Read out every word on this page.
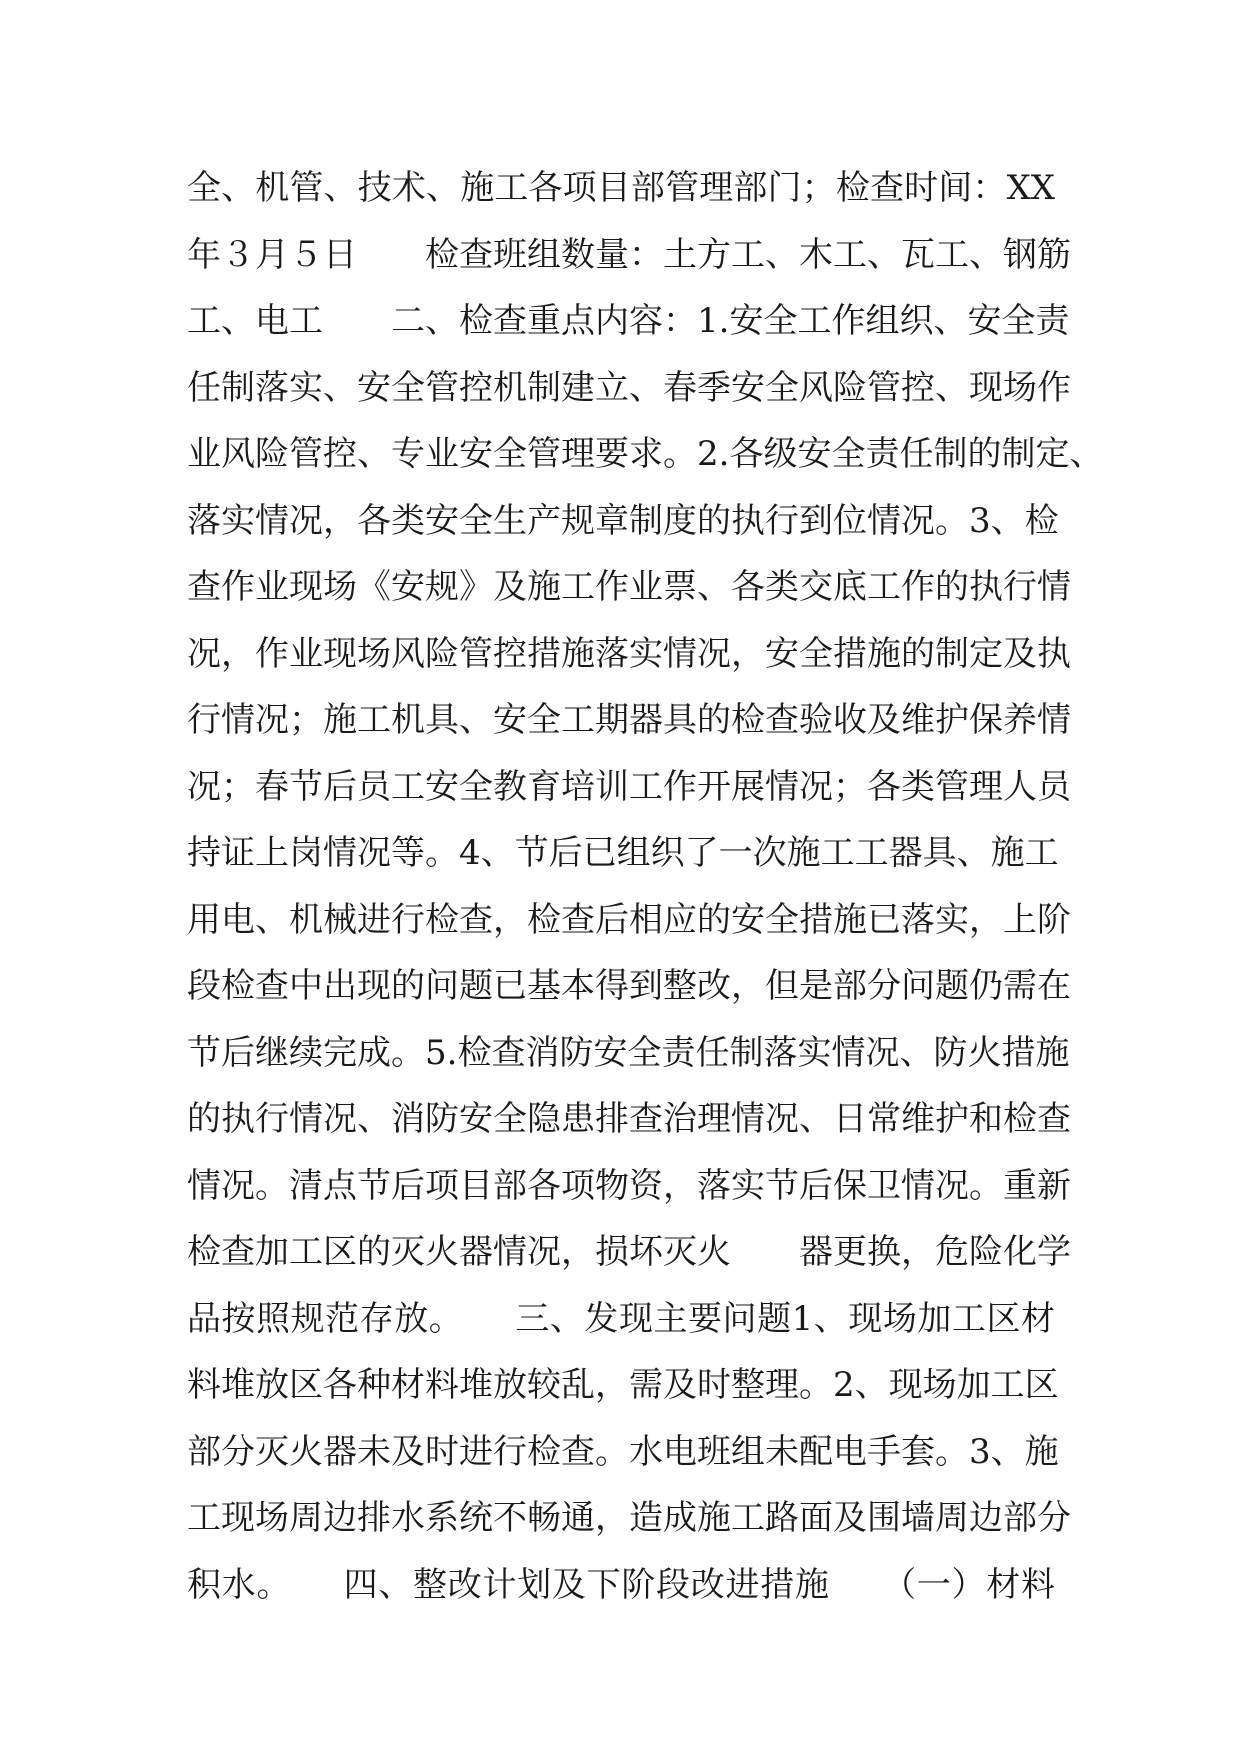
全、机管、技术、施工各项目部管理部门；检查时间：XX
年３月５日　　检查班组数量：土方工、木工、瓦工、钢筋
工、电工　　二、检查重点内容：1.安全工作组织、安全责
任制落实、安全管控机制建立、春季安全风险管控、现场作
业风险管控、专业安全管理要求。2.各级安全责任制的制定、
落实情况，各类安全生产规章制度的执行到位情况。3、检
查作业现场《安规》及施工作业票、各类交底工作的执行情
况，作业现场风险管控措施落实情况，安全措施的制定及执
行情况；施工机具、安全工期器具的检查验收及维护保养情
况；春节后员工安全教育培训工作开展情况；各类管理人员
持证上岗情况等。4、节后已组织了一次施工工器具、施工
用电、机械进行检查，检查后相应的安全措施已落实，上阶
段检查中出现的问题已基本得到整改，但是部分问题仍需在
节后继续完成。5.检查消防安全责任制落实情况、防火措施
的执行情况、消防安全隐患排查治理情况、日常维护和检查
情况。清点节后项目部各项物资，落实节后保卫情况。重新
检查加工区的灭火器情况，损坏灭火　　器更换，危险化学
品按照规范存放。　　三、发现主要问题1、现场加工区材
料堆放区各种材料堆放较乱，需及时整理。2、现场加工区
部分灭火器未及时进行检查。水电班组未配电手套。3、施
工现场周边排水系统不畅通，造成施工路面及围墙周边部分
积水。　　四、整改计划及下阶段改进措施　　（一）材料
